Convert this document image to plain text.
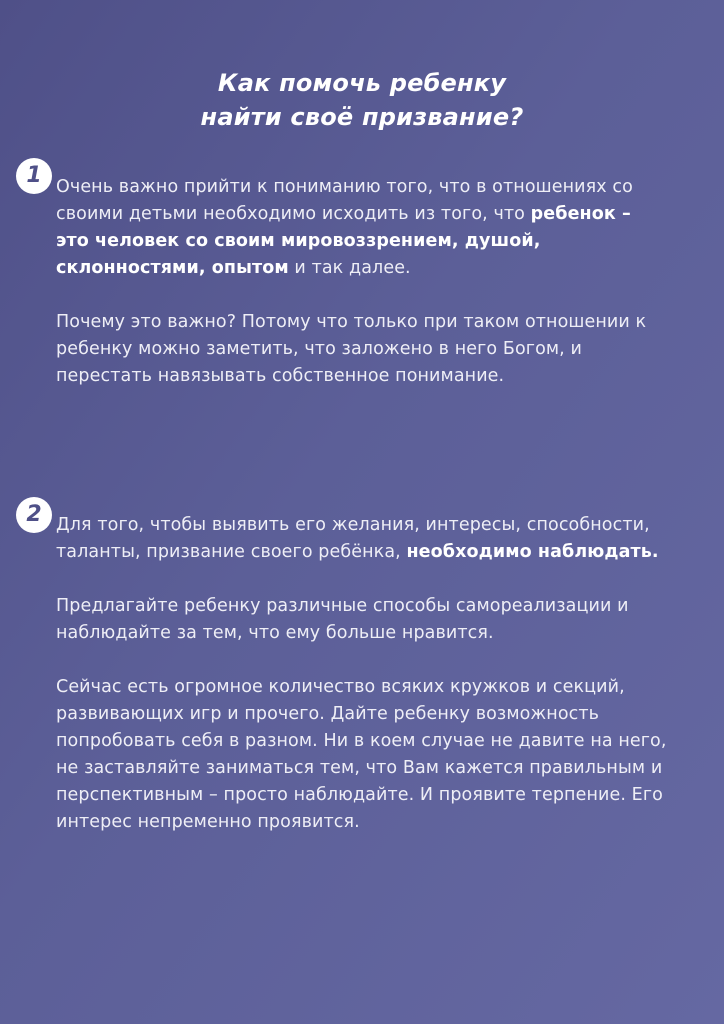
Как помочь ребенку
найти своё призвание?
1 Очень важно прийти к пониманию того, что в отношениях со своими детьми необходимо исходить из того, что ребенок – это человек со своим мировоззрением, душой, склонностями, опытом и так далее.

Почему это важно? Потому что только при таком отношении к ребенку можно заметить, что заложено в него Богом, и перестать навязывать собственное понимание.

2 Для того, чтобы выявить его желания, интересы, способности, таланты, призвание своего ребёнка, необходимо наблюдать.

Предлагайте ребенку различные способы самореализации и наблюдайте за тем, что ему больше нравится.

Сейчас есть огромное количество всяких кружков и секций, развивающих игр и прочего. Дайте ребенку возможность попробовать себя в разном. Ни в коем случае не давите на него, не заставляйте заниматься тем, что Вам кажется правильным и перспективным – просто наблюдайте. И проявите терпение. Его интерес непременно проявится.
